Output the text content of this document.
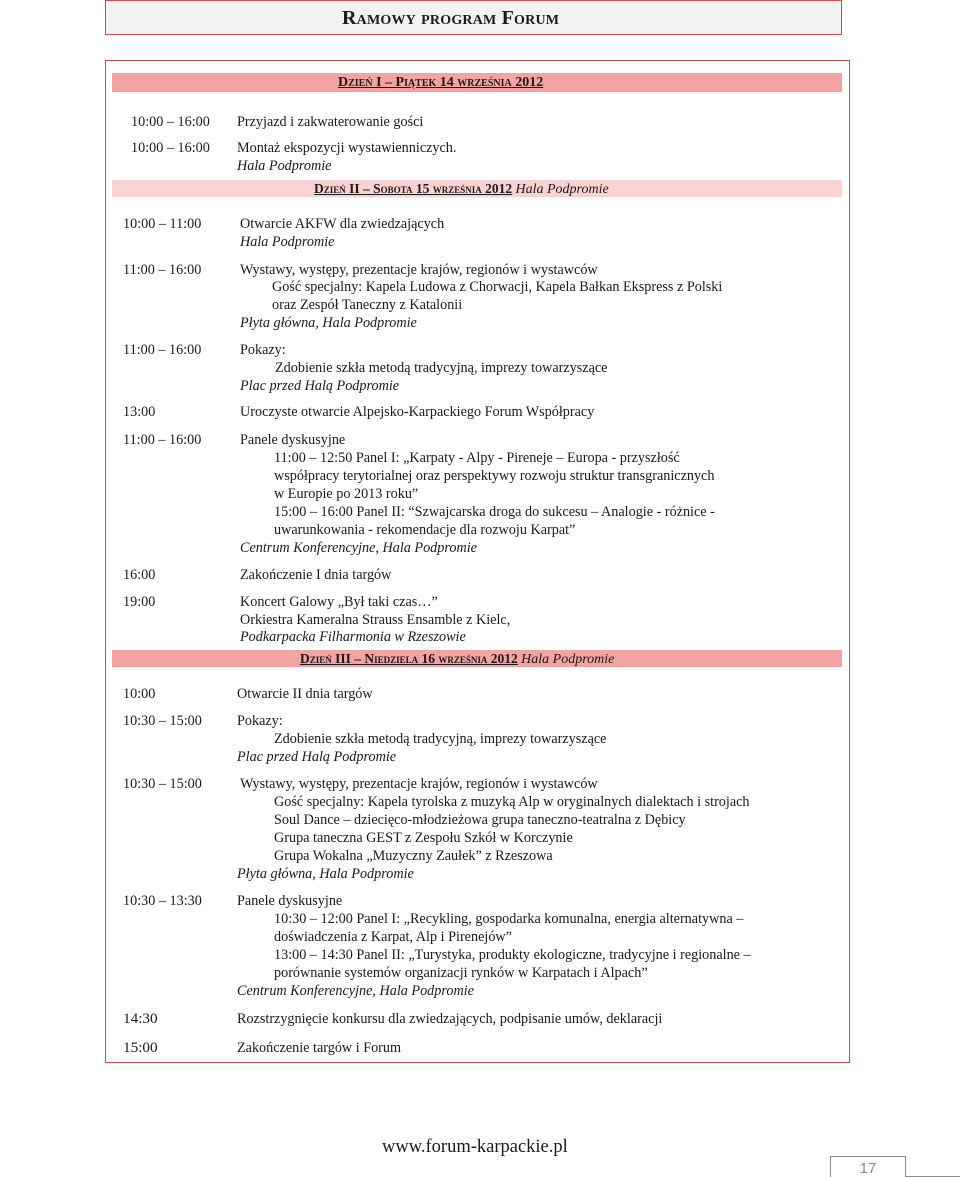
Ramowy program Forum
Dzień I – Piątek 14 września 2012
10:00 – 16:00 Przyjazd i zakwaterowanie gości
10:00 – 16:00 Montaż ekspozycji wystawienniczych.
Hala Podpromie
Dzień II – Sobota 15 września 2012 Hala Podpromie
10:00 – 11:00	Otwarcie AKFW dla zwiedzających
Hala Podpromie
11:00 – 16:00	Wystawy, występy, prezentacje krajów, regionów i wystawców
Gość specjalny: Kapela Ludowa z Chorwacji, Kapela Bałkan Ekspress z Polski
oraz Zespół Taneczny z Katalonii
Płyta główna, Hala Podpromie
11:00 – 16:00	Pokazy:
Zdobienie szkła metodą tradycyjną, imprezy towarzyszące
Plac przed Halą Podpromie
13:00	Uroczyste otwarcie Alpejsko-Karpackiego Forum Współpracy
11:00 – 16:00	Panele dyskusyjne
11:00 – 12:50 Panel I: „Karpaty - Alpy - Pireneje – Europa - przyszłość
współpracy terytorialnej oraz perspektywy rozwoju struktur transgranicznych
w Europie po 2013 roku”
15:00 – 16:00 Panel II: “Szwajcarska droga do sukcesu – Analogie - różnice -
uwarunkowania - rekomendacje dla rozwoju Karpat”
Centrum Konferencyjne, Hala Podpromie
16:00	Zakończenie I dnia targów
19:00	Koncert Galowy „Był taki czas…”
Orkiestra Kameralna Strauss Ensamble z Kielc,
Podkarpacka Filharmonia w Rzeszowie
Dzień III – Niedziela 16 września 2012 Hala Podpromie
10:00	Otwarcie II dnia targów
10:30 – 15:00 Pokazy:
Zdobienie szkła metodą tradycyjną, imprezy towarzyszące
Plac przed Halą Podpromie
10:30 – 15:00	Wystawy, występy, prezentacje krajów, regionów i wystawców
Gość specjalny: Kapela tyrolska z muzyką Alp w oryginalnych dialektach i strojach
Soul Dance – dziecięco-młodzieżowa grupa taneczno-teatralna z Dębicy
Grupa taneczna GEST z Zespołu Szkół w Korczynie
Grupa Wokalna „Muzyczny Zaułek” z Rzeszowa
Płyta główna, Hala Podpromie
10:30 – 13:30 Panele dyskusyjne
10:30 – 12:00 Panel I: „Recykling, gospodarka komunalna, energia alternatywna –
doświadczenia z Karpat, Alp i Pirenejów”
13:00 – 14:30 Panel II: „Turystyka, produkty ekologiczne, tradycyjne i regionalne –
porównanie systemów organizacji rynków w Karpatach i Alpach”
Centrum Konferencyjne, Hala Podpromie
14:30	Rozstrzygnięcie konkursu dla zwiedzających, podpisanie umów, deklaracji
15:00	Zakończenie targów i Forum
www.forum-karpackie.pl
17
